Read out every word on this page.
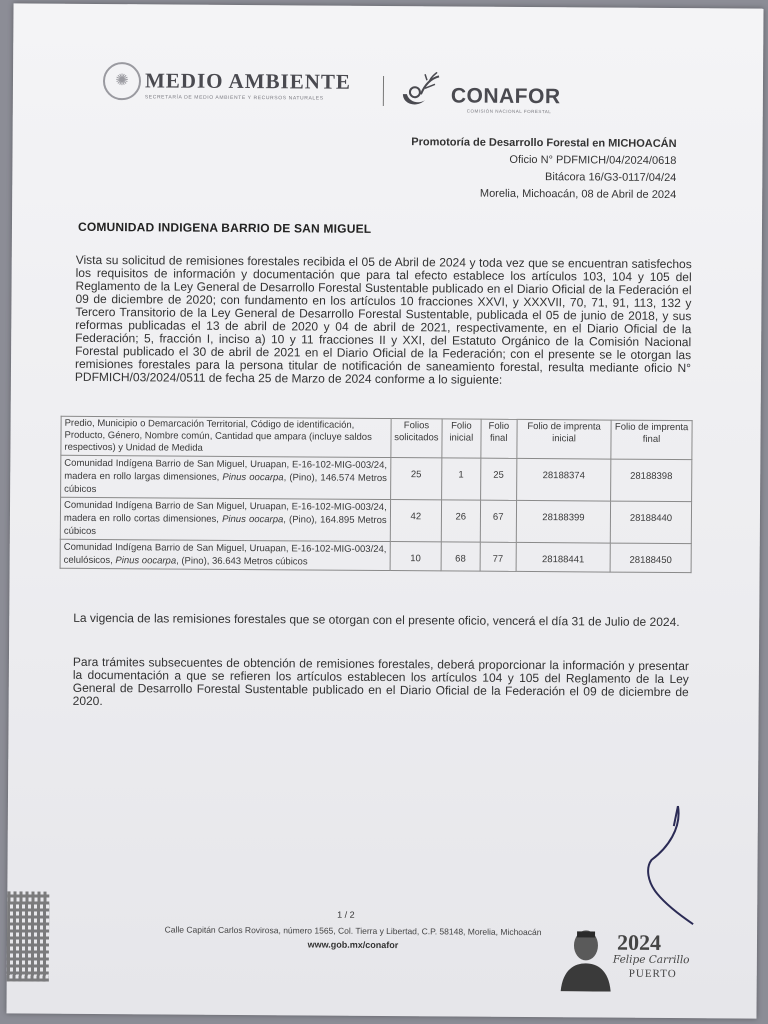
✺ MEDIO AMBIENTE
SECRETARÍA DE MEDIO AMBIENTE Y RECURSOS NATURALES	CONAFOR
COMISIÓN NACIONAL FORESTAL
Promotoría de Desarrollo Forestal en MICHOACÁN
Oficio N° PDFMICH/04/2024/0618
Bitácora 16/G3-0117/04/24
Morelia, Michoacán, 08 de Abril de 2024
COMUNIDAD INDIGENA BARRIO DE SAN MIGUEL
Vista su solicitud de remisiones forestales recibida el 05 de Abril de 2024 y toda vez que se encuentran satisfechos los requisitos de información y documentación que para tal efecto establece los artículos 103, 104 y 105 del Reglamento de la Ley General de Desarrollo Forestal Sustentable publicado en el Diario Oficial de la Federación el 09 de diciembre de 2020; con fundamento en los artículos 10 fracciones XXVI, y XXXVII, 70, 71, 91, 113, 132 y Tercero Transitorio de la Ley General de Desarrollo Forestal Sustentable, publicada el 05 de junio de 2018, y sus reformas publicadas el 13 de abril de 2020 y 04 de abril de 2021, respectivamente, en el Diario Oficial de la Federación; 5, fracción I, inciso a) 10 y 11 fracciones II y XXI, del Estatuto Orgánico de la Comisión Nacional Forestal publicado el 30 de abril de 2021 en el Diario Oficial de la Federación; con el presente se le otorgan las remisiones forestales para la persona titular de notificación de saneamiento forestal, resulta mediante oficio N° PDFMICH/03/2024/0511 de fecha 25 de Marzo de 2024 conforme a lo siguiente:
Predio, Municipio o Demarcación Territorial, Código de identificación, Producto, Género, Nombre común, Cantidad que ampara (incluye saldos respectivos) y Unidad de Medida	Folios solicitados	Folio inicial	Folio final	Folio de imprenta inicial	Folio de imprenta final
Comunidad Indígena Barrio de San Miguel, Uruapan, E-16-102-MIG-003/24, madera en rollo largas dimensiones, Pinus oocarpa, (Pino), 146.574 Metros cúbicos	25	1	25	28188374	28188398
Comunidad Indígena Barrio de San Miguel, Uruapan, E-16-102-MIG-003/24, madera en rollo cortas dimensiones, Pinus oocarpa, (Pino), 164.895 Metros cúbicos	42	26	67	28188399	28188440
Comunidad Indígena Barrio de San Miguel, Uruapan, E-16-102-MIG-003/24, celulósicos, Pinus oocarpa, (Pino), 36.643 Metros cúbicos	10	68	77	28188441	28188450
La vigencia de las remisiones forestales que se otorgan con el presente oficio, vencerá el día 31 de Julio de 2024.
Para trámites subsecuentes de obtención de remisiones forestales, deberá proporcionar la información y presentar la documentación a que se refieren los artículos establecen los artículos 104 y 105 del Reglamento de la Ley General de Desarrollo Forestal Sustentable publicado en el Diario Oficial de la Federación el 09 de diciembre de 2020.
1 / 2
Calle Capitán Carlos Rovirosa, número 1565, Col. Tierra y Libertad, C.P. 58148, Morelia, Michoacán
www.gob.mx/conafor	2024
Felipe Carrillo
PUERTO
